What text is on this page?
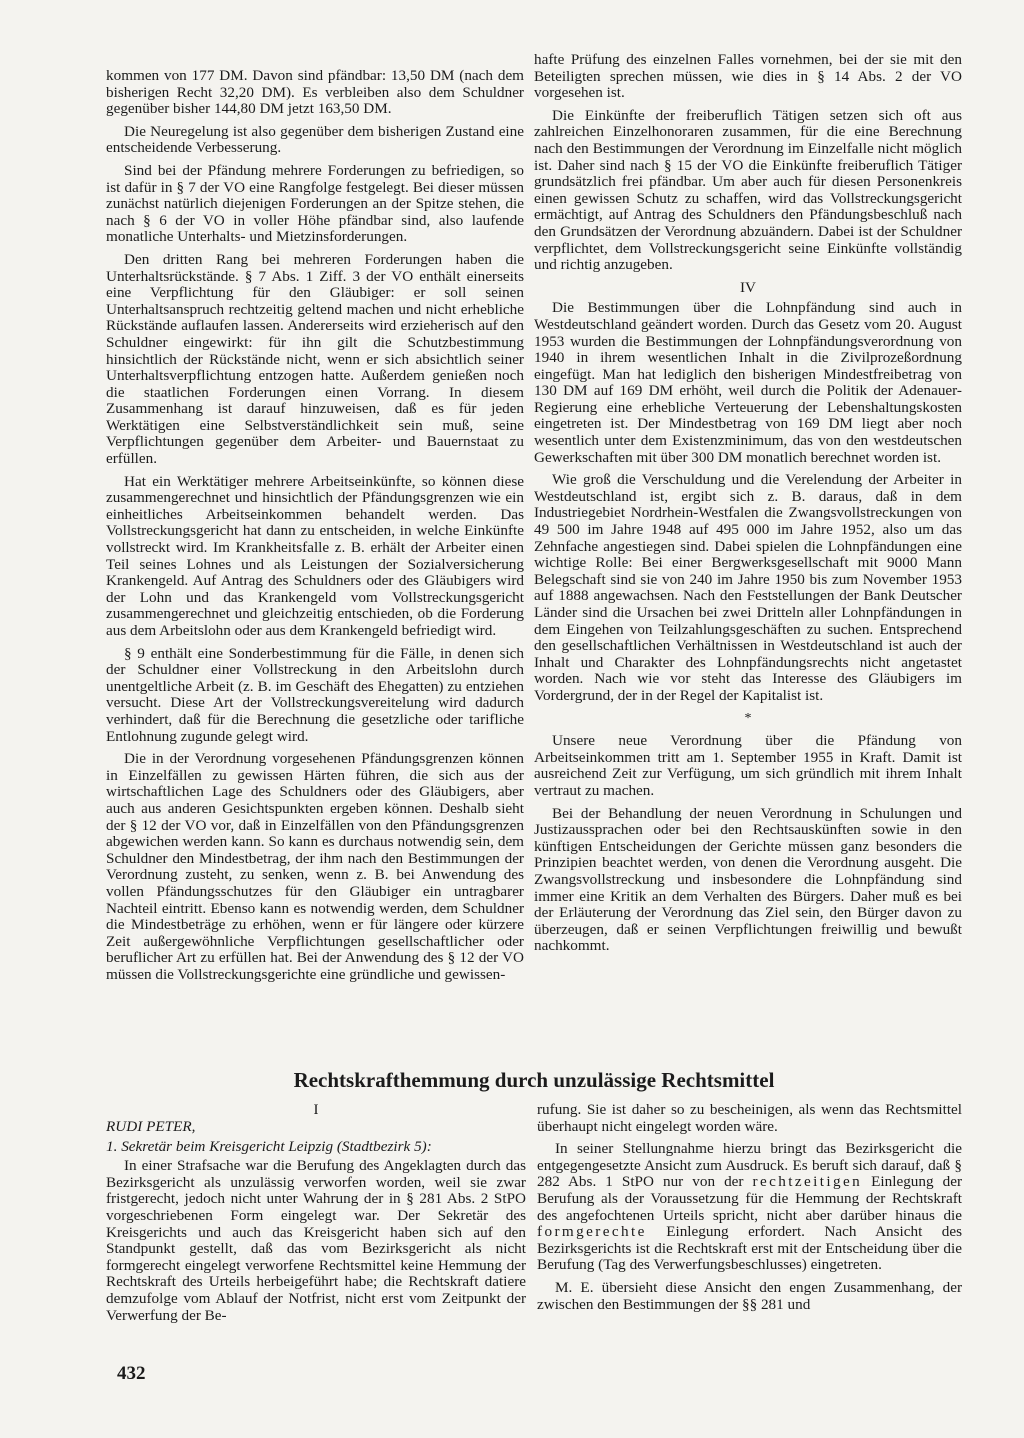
kommen von 177 DM. Davon sind pfändbar: 13,50 DM (nach dem bisherigen Recht 32,20 DM). Es verbleiben also dem Schuldner gegenüber bisher 144,80 DM jetzt 163,50 DM.

Die Neuregelung ist also gegenüber dem bisherigen Zustand eine entscheidende Verbesserung.

Sind bei der Pfändung mehrere Forderungen zu befriedigen, so ist dafür in § 7 der VO eine Rangfolge festgelegt. Bei dieser müssen zunächst natürlich diejenigen Forderungen an der Spitze stehen, die nach § 6 der VO in voller Höhe pfändbar sind, also laufende monatliche Unterhalts- und Mietzinsforderungen.

Den dritten Rang bei mehreren Forderungen haben die Unterhaltsrückstände. § 7 Abs. 1 Ziff. 3 der VO enthält einerseits eine Verpflichtung für den Gläubiger: er soll seinen Unterhaltsanspruch rechtzeitig geltend machen und nicht erhebliche Rückstände auflaufen lassen. Andererseits wird erzieherisch auf den Schuldner eingewirkt: für ihn gilt die Schutzbestimmung hinsichtlich der Rückstände nicht, wenn er sich absichtlich seiner Unterhaltsverpflichtung entzogen hatte. Außerdem genießen noch die staatlichen Forderungen einen Vorrang. In diesem Zusammenhang ist darauf hinzuweisen, daß es für jeden Werktätigen eine Selbstverständlichkeit sein muß, seine Verpflichtungen gegenüber dem Arbeiter- und Bauernstaat zu erfüllen.

Hat ein Werktätiger mehrere Arbeitseinkünfte, so können diese zusammengerechnet und hinsichtlich der Pfändungsgrenzen wie ein einheitliches Arbeitseinkommen behandelt werden. Das Vollstreckungsgericht hat dann zu entscheiden, in welche Einkünfte vollstreckt wird. Im Krankheitsfalle z. B. erhält der Arbeiter einen Teil seines Lohnes und als Leistungen der Sozialversicherung Krankengeld. Auf Antrag des Schuldners oder des Gläubigers wird der Lohn und das Krankengeld vom Vollstreckungsgericht zusammengerechnet und gleichzeitig entschieden, ob die Forderung aus dem Arbeitslohn oder aus dem Krankengeld befriedigt wird.

§ 9 enthält eine Sonderbestimmung für die Fälle, in denen sich der Schuldner einer Vollstreckung in den Arbeitslohn durch unentgeltliche Arbeit (z. B. im Geschäft des Ehegatten) zu entziehen versucht. Diese Art der Vollstreckungsvereitelung wird dadurch verhindert, daß für die Berechnung die gesetzliche oder tarifliche Entlohnung zugunde gelegt wird.

Die in der Verordnung vorgesehenen Pfändungsgrenzen können in Einzelfällen zu gewissen Härten führen, die sich aus der wirtschaftlichen Lage des Schuldners oder des Gläubigers, aber auch aus anderen Gesichtspunkten ergeben können. Deshalb sieht der § 12 der VO vor, daß in Einzelfällen von den Pfändungsgrenzen abgewichen werden kann. So kann es durchaus notwendig sein, dem Schuldner den Mindestbetrag, der ihm nach den Bestimmungen der Verordnung zusteht, zu senken, wenn z. B. bei Anwendung des vollen Pfändungsschutzes für den Gläubiger ein untragbarer Nachteil eintritt. Ebenso kann es notwendig werden, dem Schuldner die Mindestbeträge zu erhöhen, wenn er für längere oder kürzere Zeit außergewöhnliche Verpflichtungen gesellschaftlicher oder beruflicher Art zu erfüllen hat. Bei der Anwendung des § 12 der VO müssen die Vollstreckungsgerichte eine gründliche und gewissen-

hafte Prüfung des einzelnen Falles vornehmen, bei der sie mit den Beteiligten sprechen müssen, wie dies in § 14 Abs. 2 der VO vorgesehen ist.

Die Einkünfte der freiberuflich Tätigen setzen sich oft aus zahlreichen Einzelhonoraren zusammen, für die eine Berechnung nach den Bestimmungen der Verordnung im Einzelfalle nicht möglich ist. Daher sind nach § 15 der VO die Einkünfte freiberuflich Tätiger grundsätzlich frei pfändbar. Um aber auch für diesen Personenkreis einen gewissen Schutz zu schaffen, wird das Vollstreckungsgericht ermächtigt, auf Antrag des Schuldners den Pfändungsbeschluß nach den Grundsätzen der Verordnung abzuändern. Dabei ist der Schuldner verpflichtet, dem Vollstreckungsgericht seine Einkünfte vollständig und richtig anzugeben.

IV

Die Bestimmungen über die Lohnpfändung sind auch in Westdeutschland geändert worden. Durch das Gesetz vom 20. August 1953 wurden die Bestimmungen der Lohnpfändungsverordnung von 1940 in ihrem wesentlichen Inhalt in die Zivilprozeßordnung eingefügt. Man hat lediglich den bisherigen Mindestfreibetrag von 130 DM auf 169 DM erhöht, weil durch die Politik der Adenauer-Regierung eine erhebliche Verteuerung der Lebenshaltungskosten eingetreten ist. Der Mindestbetrag von 169 DM liegt aber noch wesentlich unter dem Existenzminimum, das von den westdeutschen Gewerkschaften mit über 300 DM monatlich berechnet worden ist.

Wie groß die Verschuldung und die Verelendung der Arbeiter in Westdeutschland ist, ergibt sich z. B. daraus, daß in dem Industriegebiet Nordrhein-Westfalen die Zwangsvollstreckungen von 49 500 im Jahre 1948 auf 495 000 im Jahre 1952, also um das Zehnfache angestiegen sind. Dabei spielen die Lohnpfändungen eine wichtige Rolle: Bei einer Bergwerksgesellschaft mit 9000 Mann Belegschaft sind sie von 240 im Jahre 1950 bis zum November 1953 auf 1888 angewachsen. Nach den Feststellungen der Bank Deutscher Länder sind die Ursachen bei zwei Dritteln aller Lohnpfändungen in dem Eingehen von Teilzahlungsgeschäften zu suchen. Entsprechend den gesellschaftlichen Verhältnissen in Westdeutschland ist auch der Inhalt und Charakter des Lohnpfändungsrechts nicht angetastet worden. Nach wie vor steht das Interesse des Gläubigers im Vordergrund, der in der Regel der Kapitalist ist.

*

Unsere neue Verordnung über die Pfändung von Arbeitseinkommen tritt am 1. September 1955 in Kraft. Damit ist ausreichend Zeit zur Verfügung, um sich gründlich mit ihrem Inhalt vertraut zu machen.

Bei der Behandlung der neuen Verordnung in Schulungen und Justizaussprachen oder bei den Rechtsauskünften sowie in den künftigen Entscheidungen der Gerichte müssen ganz besonders die Prinzipien beachtet werden, von denen die Verordnung ausgeht. Die Zwangsvollstreckung und insbesondere die Lohnpfändung sind immer eine Kritik an dem Verhalten des Bürgers. Daher muß es bei der Erläuterung der Verordnung das Ziel sein, den Bürger davon zu überzeugen, daß er seinen Verpflichtungen freiwillig und bewußt nachkommt.

Rechtskrafthemmung durch unzulässige Rechtsmittel
I

RUDI PETER,

1. Sekretär beim Kreisgericht Leipzig (Stadtbezirk 5):

In einer Strafsache war die Berufung des Angeklagten durch das Bezirksgericht als unzulässig verworfen worden, weil sie zwar fristgerecht, jedoch nicht unter Wahrung der in § 281 Abs. 2 StPO vorgeschriebenen Form eingelegt war. Der Sekretär des Kreisgerichts und auch das Kreisgericht haben sich auf den Standpunkt gestellt, daß das vom Bezirksgericht als nicht formgerecht eingelegt verworfene Rechtsmittel keine Hemmung der Rechtskraft des Urteils herbeigeführt habe; die Rechtskraft datiere demzufolge vom Ablauf der Notfrist, nicht erst vom Zeitpunkt der Verwerfung der Be-

rufung. Sie ist daher so zu bescheinigen, als wenn das Rechtsmittel überhaupt nicht eingelegt worden wäre.

In seiner Stellungnahme hierzu bringt das Bezirksgericht die entgegengesetzte Ansicht zum Ausdruck. Es beruft sich darauf, daß § 282 Abs. 1 StPO nur von der rechtzeitigen Einlegung der Berufung als der Voraussetzung für die Hemmung der Rechtskraft des angefochtenen Urteils spricht, nicht aber darüber hinaus die formgerechte Einlegung erfordert. Nach Ansicht des Bezirksgerichts ist die Rechtskraft erst mit der Entscheidung über die Berufung (Tag des Verwerfungsbeschlusses) eingetreten.

M. E. übersieht diese Ansicht den engen Zusammenhang, der zwischen den Bestimmungen der §§ 281 und

432
